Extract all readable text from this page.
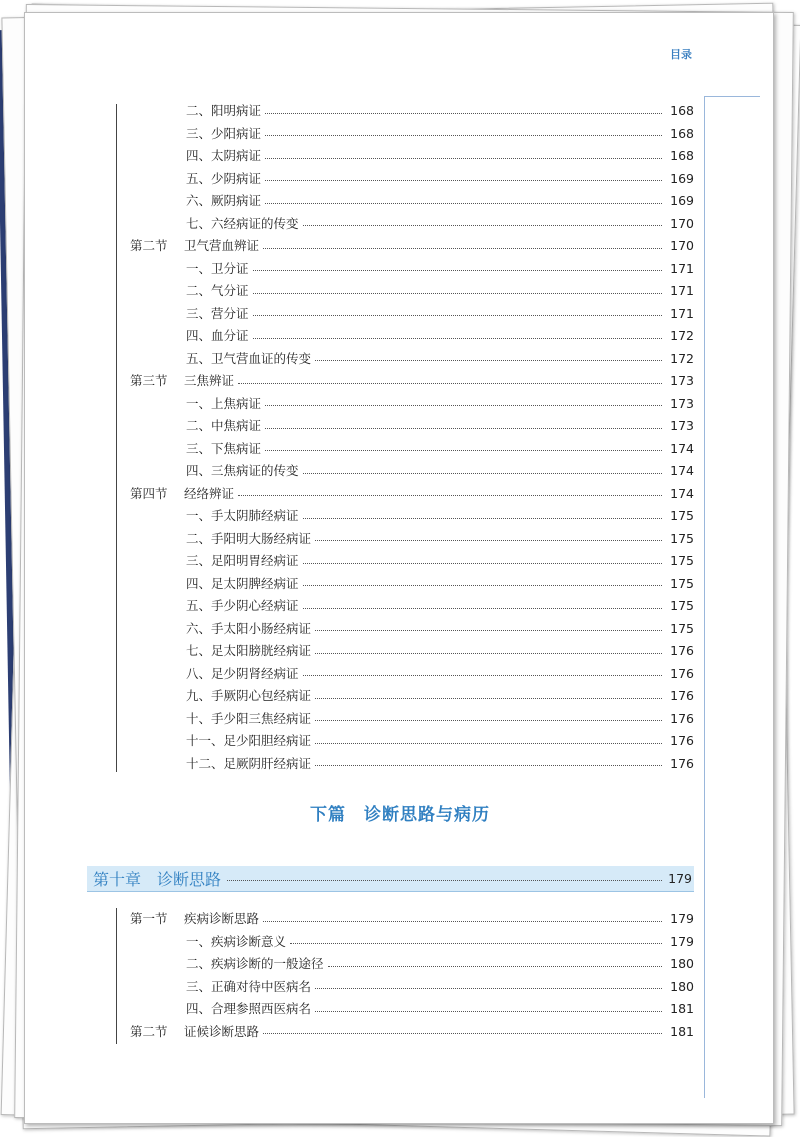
目录
二、阳明病证	168
三、少阳病证	168
四、太阴病证	168
五、少阴病证	169
六、厥阴病证	169
七、六经病证的传变	170
第二节 卫气营血辨证	170
一、卫分证	171
二、气分证	171
三、营分证	171
四、血分证	172
五、卫气营血证的传变	172
第三节 三焦辨证	173
一、上焦病证	173
二、中焦病证	173
三、下焦病证	174
四、三焦病证的传变	174
第四节 经络辨证	174
一、手太阴肺经病证	175
二、手阳明大肠经病证	175
三、足阳明胃经病证	175
四、足太阴脾经病证	175
五、手少阴心经病证	175
六、手太阳小肠经病证	175
七、足太阳膀胱经病证	176
八、足少阴肾经病证	176
九、手厥阴心包经病证	176
十、手少阳三焦经病证	176
十一、足少阳胆经病证	176
十二、足厥阴肝经病证	176
下篇 诊断思路与病历
第十章 诊断思路	179
第一节 疾病诊断思路	179
一、疾病诊断意义	179
二、疾病诊断的一般途径	180
三、正确对待中医病名	180
四、合理参照西医病名	181
第二节 证候诊断思路	181
